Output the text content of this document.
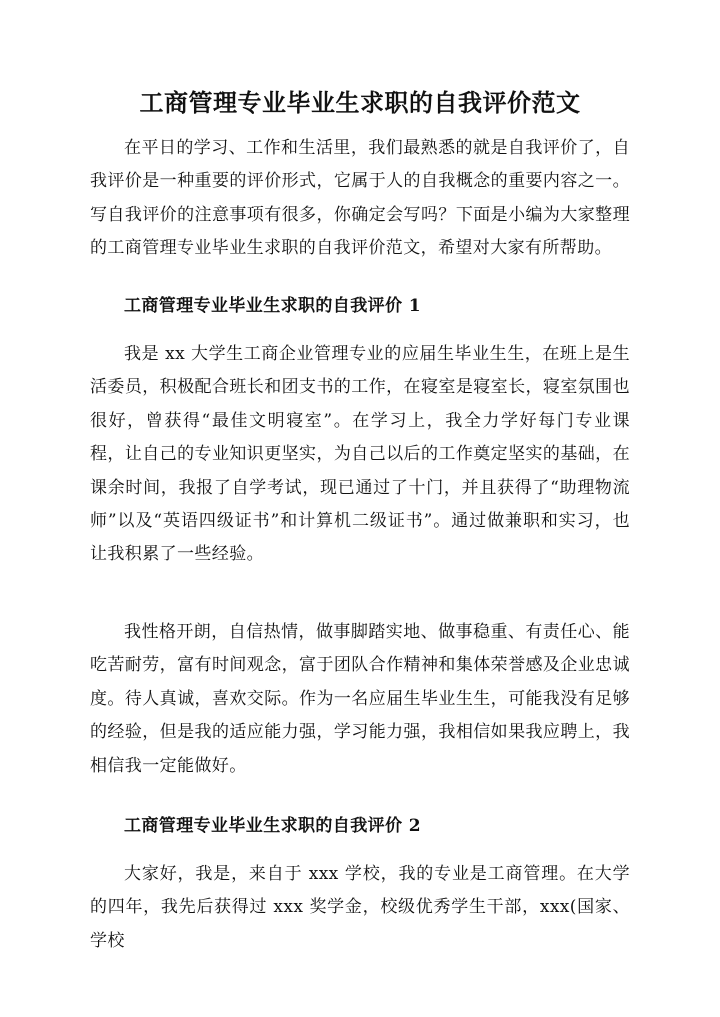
工商管理专业毕业生求职的自我评价范文

在平日的学习、工作和生活里，我们最熟悉的就是自我评价了，自我评价是一种重要的评价形式，它属于人的自我概念的重要内容之一。写自我评价的注意事项有很多，你确定会写吗？下面是小编为大家整理的工商管理专业毕业生求职的自我评价范文，希望对大家有所帮助。

工商管理专业毕业生求职的自我评价 1

我是 xx 大学生工商企业管理专业的应届生毕业生生，在班上是生活委员，积极配合班长和团支书的工作，在寝室是寝室长，寝室氛围也很好，曾获得“最佳文明寝室”。在学习上，我全力学好每门专业课程，让自己的专业知识更坚实，为自己以后的工作奠定坚实的基础，在课余时间，我报了自学考试，现已通过了十门，并且获得了“助理物流师”以及“英语四级证书”和计算机二级证书”。通过做兼职和实习，也让我积累了一些经验。

我性格开朗，自信热情，做事脚踏实地、做事稳重、有责任心、能吃苦耐劳，富有时间观念，富于团队合作精神和集体荣誉感及企业忠诚度。待人真诚，喜欢交际。作为一名应届生毕业生生，可能我没有足够的经验，但是我的适应能力强，学习能力强，我相信如果我应聘上，我相信我一定能做好。

工商管理专业毕业生求职的自我评价 2

大家好，我是，来自于 xxx 学校，我的专业是工商管理。在大学的四年，我先后获得过 xxx 奖学金，校级优秀学生干部，xxx(国家、学校
